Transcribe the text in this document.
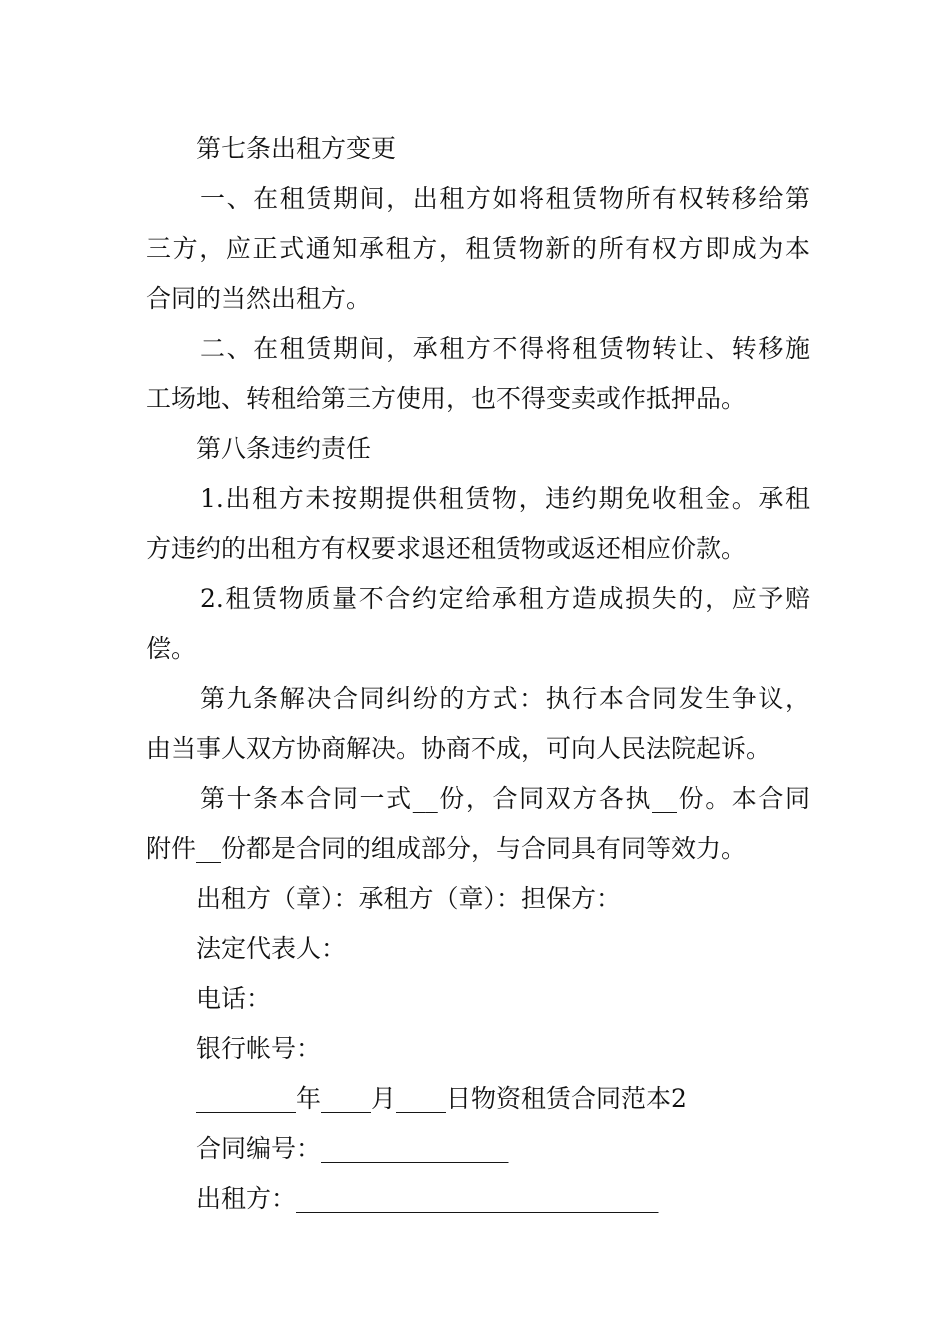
第七条出租方变更
一、在租赁期间，出租方如将租赁物所有权转移给第
三方，应正式通知承租方，租赁物新的所有权方即成为本
合同的当然出租方。
二、在租赁期间，承租方不得将租赁物转让、转移施
工场地、转租给第三方使用，也不得变卖或作抵押品。
第八条违约责任
1.出租方未按期提供租赁物，违约期免收租金。承租
方违约的出租方有权要求退还租赁物或返还相应价款。
2.租赁物质量不合约定给承租方造成损失的，应予赔
偿。
第九条解决合同纠纷的方式：执行本合同发生争议，
由当事人双方协商解决。协商不成，可向人民法院起诉。
第十条本合同一式__份，合同双方各执__份。本合同
附件__份都是合同的组成部分，与合同具有同等效力。
出租方（章）：承租方（章）：担保方：
法定代表人：
电话：
银行帐号：
________年____月____日物资租赁合同范本2
合同编号：_______________
出租方：_____________________________
